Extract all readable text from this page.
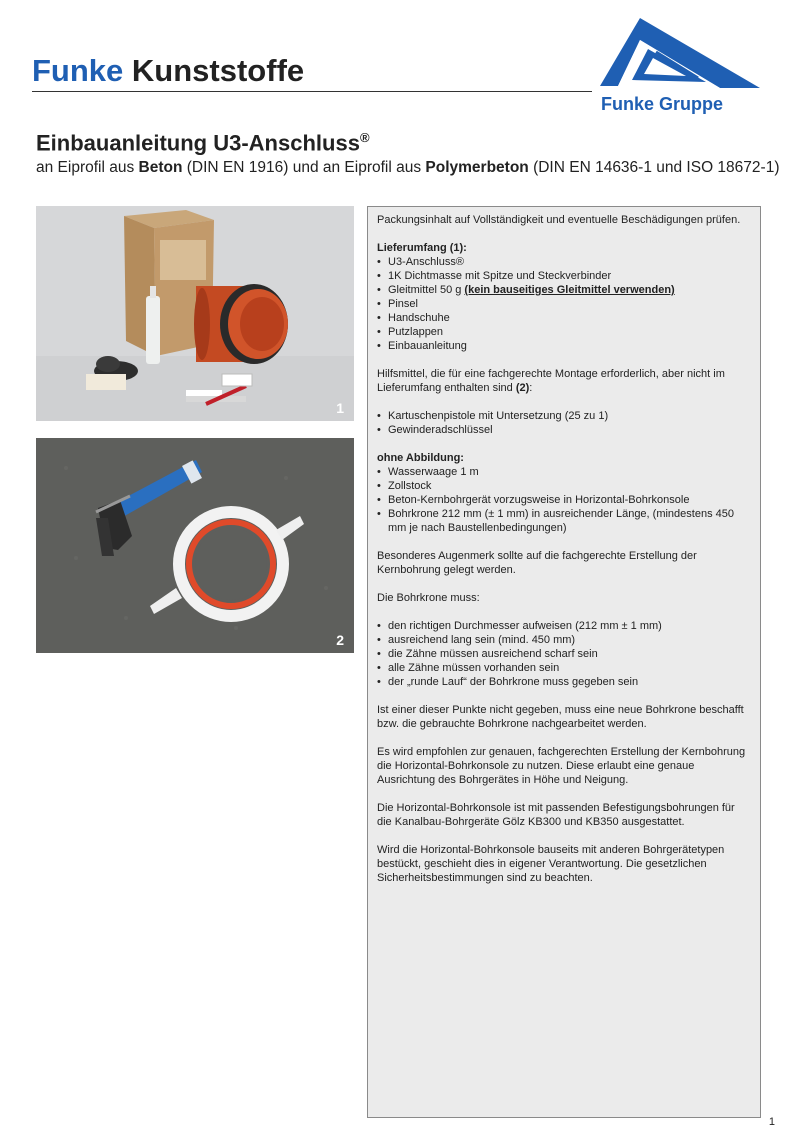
Funke Kunststoffe
Funke Gruppe
Einbauanleitung U3-Anschluss®
an Eiprofil aus Beton (DIN EN 1916) und an Eiprofil aus Polymerbeton (DIN EN 14636-1 und ISO 18672-1)
1
2

Packungsinhalt auf Vollständigkeit und eventuelle Beschädigungen prüfen.

Lieferumfang (1):

• U3-Anschluss®
• 1K Dichtmasse mit Spitze und Steckverbinder
• Gleitmittel 50 g (kein bauseitiges Gleitmittel verwenden)
• Pinsel
• Handschuhe
• Putzlappen
• Einbauanleitung

Hilfsmittel, die für eine fachgerechte Montage erforderlich, aber nicht im Lieferumfang enthalten sind (2):

• Kartuschenpistole mit Untersetzung (25 zu 1)
• Gewinderadschlüssel

ohne Abbildung:

• Wasserwaage 1 m
• Zollstock
• Beton-Kernbohrgerät vorzugsweise in Horizontal-Bohrkonsole
• Bohrkrone 212 mm (± 1 mm) in ausreichender Länge, (mindestens 450 mm je nach Baustellenbedingungen)

Besonderes Augenmerk sollte auf die fachgerechte Erstellung der Kernbohrung gelegt werden.

Die Bohrkrone muss:

• den richtigen Durchmesser aufweisen (212 mm ± 1 mm)
• ausreichend lang sein (mind. 450 mm)
• die Zähne müssen ausreichend scharf sein
• alle Zähne müssen vorhanden sein
• der „runde Lauf“ der Bohrkrone muss gegeben sein

Ist einer dieser Punkte nicht gegeben, muss eine neue Bohrkrone beschafft bzw. die gebrauchte Bohrkrone nachgearbeitet werden.

Es wird empfohlen zur genauen, fachgerechten Erstellung der Kernbohrung die Horizontal-Bohrkonsole zu nutzen. Diese erlaubt eine genaue Ausrichtung des Bohrgerätes in Höhe und Neigung.

Die Horizontal-Bohrkonsole ist mit passenden Befestigungsbohrungen für die Kanalbau-Bohrgeräte Gölz KB300 und KB350 ausgestattet.

Wird die Horizontal-Bohrkonsole bauseits mit anderen Bohrgerätetypen bestückt, geschieht dies in eigener Verantwortung. Die gesetzlichen Sicherheitsbestimmungen sind zu beachten.

1
